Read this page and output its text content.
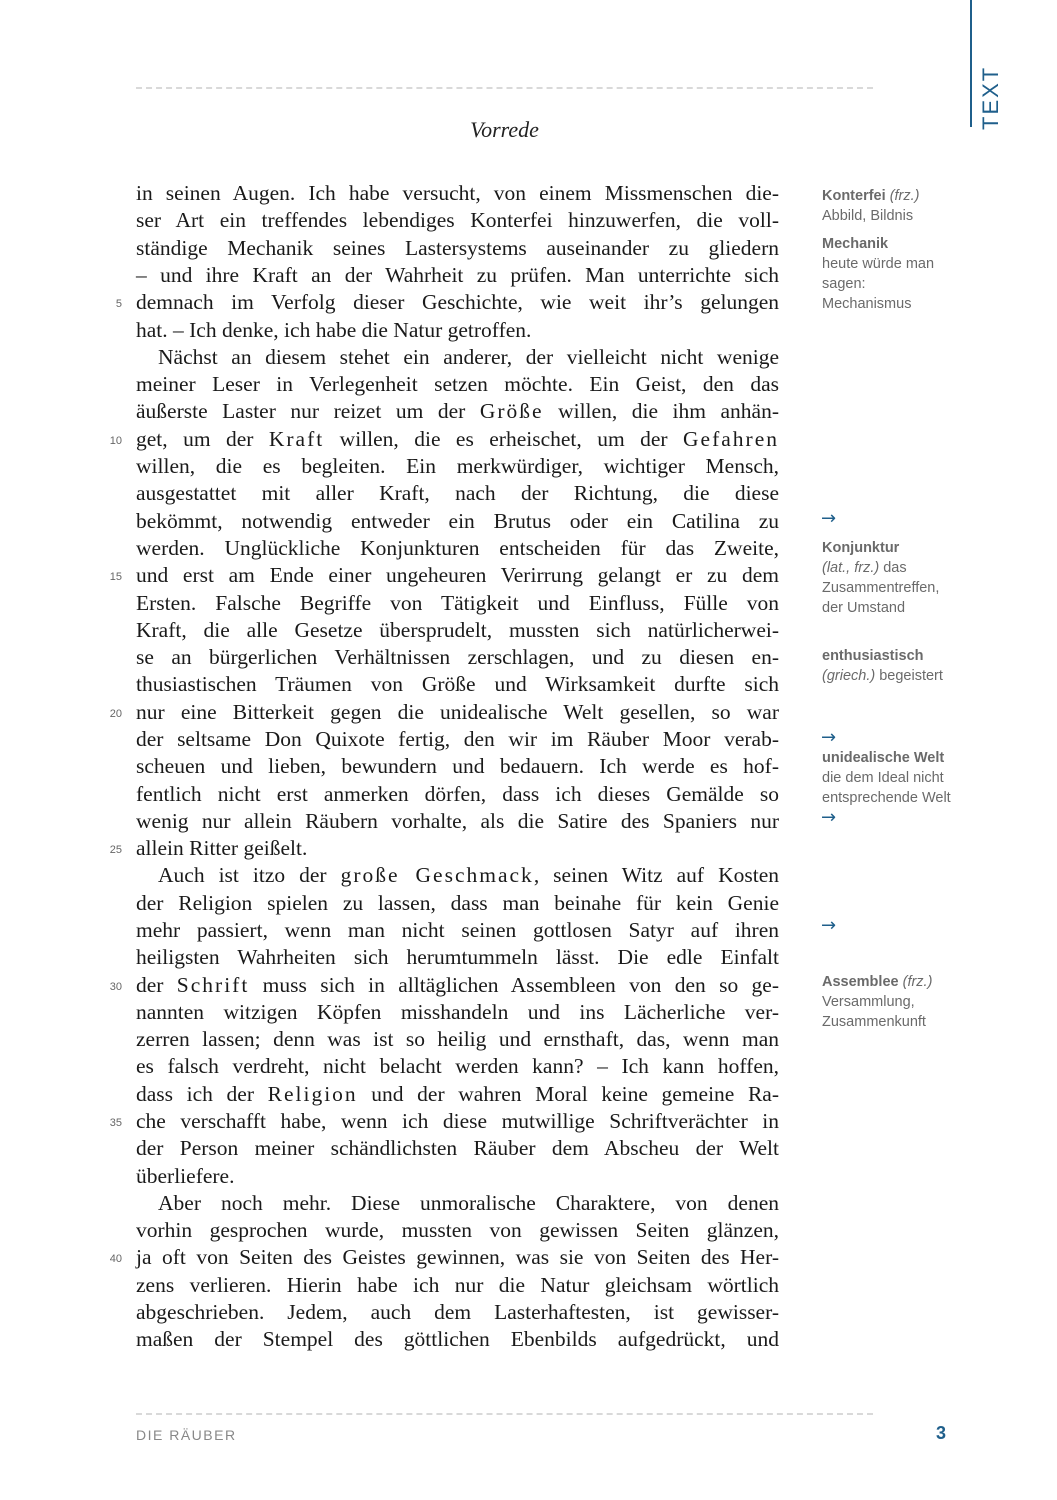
TEXT
Vorrede
in seinen Augen. Ich habe versucht, von einem Missmenschen die-
ser Art ein treffendes lebendiges Konterfei hinzuwerfen, die voll-
ständige Mechanik seines Lastersystems auseinander zu gliedern
– und ihre Kraft an der Wahrheit zu prüfen. Man unterrichte sich
demnach im Verfolg dieser Geschichte, wie weit ihr’s gelungen
hat. – Ich denke, ich habe die Natur getroffen.
Nächst an diesem stehet ein anderer, der vielleicht nicht wenige
meiner Leser in Verlegenheit setzen möchte. Ein Geist, den das
äußerste Laster nur reizet um der Größe willen, die ihm anhän-
get, um der Kraft willen, die es erheischet, um der Gefahren
willen, die es begleiten. Ein merkwürdiger, wichtiger Mensch,
ausgestattet mit aller Kraft, nach der Richtung, die diese
bekömmt, notwendig entweder ein Brutus oder ein Catilina zu
werden. Unglückliche Konjunkturen entscheiden für das Zweite,
und erst am Ende einer ungeheuren Verirrung gelangt er zu dem
Ersten. Falsche Begriffe von Tätigkeit und Einfluss, Fülle von
Kraft, die alle Gesetze übersprudelt, mussten sich natürlicherwei-
se an bürgerlichen Verhältnissen zerschlagen, und zu diesen en-
thusiastischen Träumen von Größe und Wirksamkeit durfte sich
nur eine Bitterkeit gegen die unidealische Welt gesellen, so war
der seltsame Don Quixote fertig, den wir im Räuber Moor verab-
scheuen und lieben, bewundern und bedauern. Ich werde es hof-
fentlich nicht erst anmerken dörfen, dass ich dieses Gemälde so
wenig nur allein Räubern vorhalte, als die Satire des Spaniers nur
allein Ritter geißelt.
Auch ist itzo der große Geschmack, seinen Witz auf Kosten
der Religion spielen zu lassen, dass man beinahe für kein Genie
mehr passiert, wenn man nicht seinen gottlosen Satyr auf ihren
heiligsten Wahrheiten sich herumtummeln lässt. Die edle Einfalt
der Schrift muss sich in alltäglichen Assembleen von den so ge-
nannten witzigen Köpfen misshandeln und ins Lächerliche ver-
zerren lassen; denn was ist so heilig und ernsthaft, das, wenn man
es falsch verdreht, nicht belacht werden kann? – Ich kann hoffen,
dass ich der Religion und der wahren Moral keine gemeine Ra-
che verschafft habe, wenn ich diese mutwillige Schriftverächter in
der Person meiner schändlichsten Räuber dem Abscheu der Welt
überliefere.
Aber noch mehr. Diese unmoralische Charaktere, von denen
vorhin gesprochen wurde, mussten von gewissen Seiten glänzen,
ja oft von Seiten des Geistes gewinnen, was sie von Seiten des Her-
zens verlieren. Hierin habe ich nur die Natur gleichsam wörtlich
abgeschrieben. Jedem, auch dem Lasterhaftesten, ist gewisser-
maßen der Stempel des göttlichen Ebenbilds aufgedrückt, und
5
10
15
20
25
30
35
40
Konterfei (frz.)
Abbild, Bildnis
Mechanik
heute würde man
sagen:
Mechanismus
→
Konjunktur
(lat., frz.) das
Zusammentreffen,
der Umstand
enthusiastisch
(griech.) begeistert
→
unidealische Welt
die dem Ideal nicht
entsprechende Welt
→
→
Assemblee (frz.)
Versammlung,
Zusammenkunft
DIE RÄUBER	3
